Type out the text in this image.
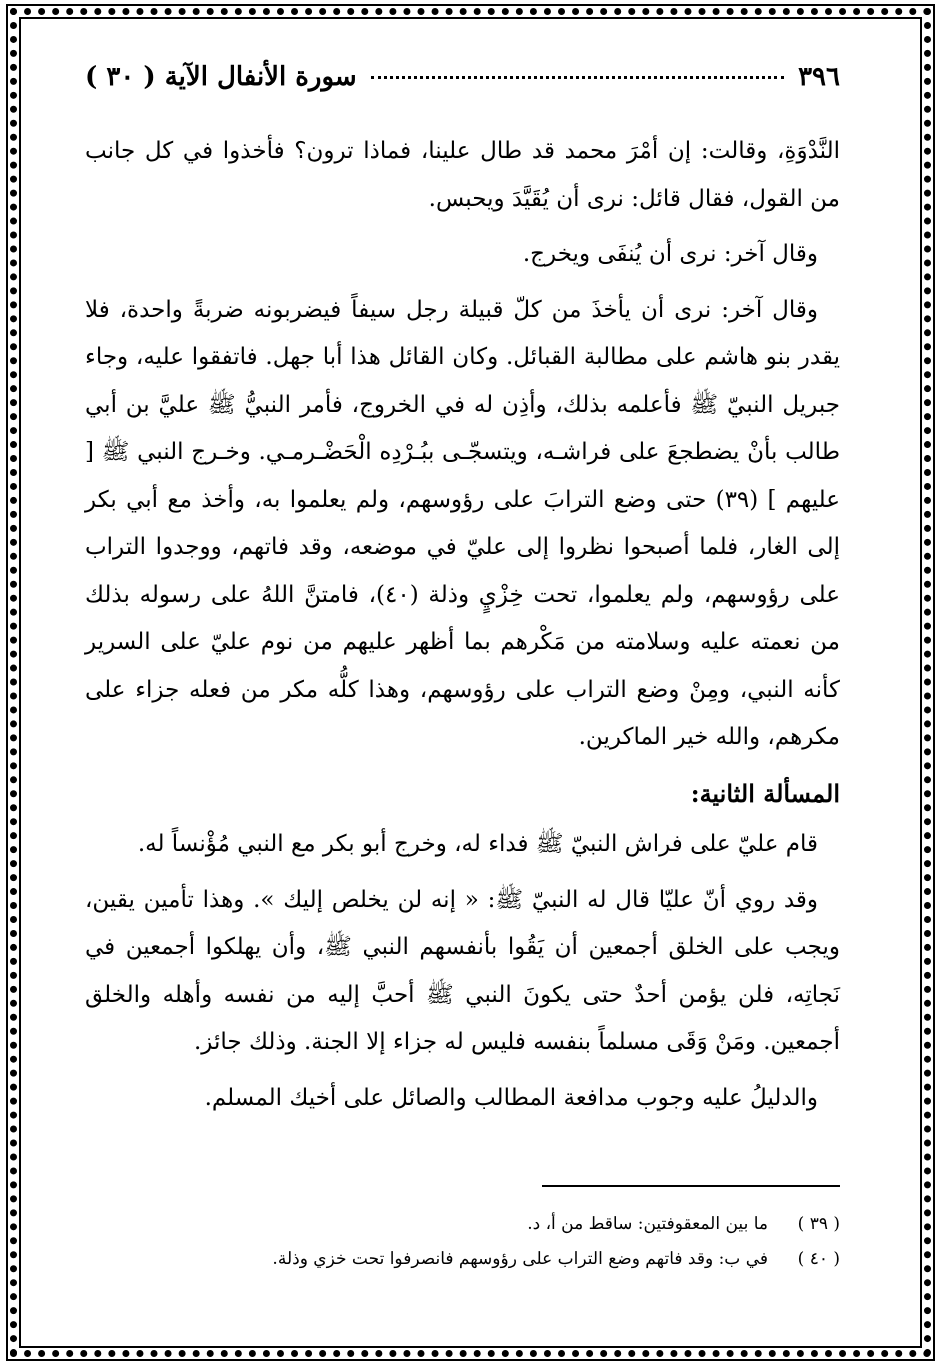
٣٩٦
سورة الأنفال الآية ( ٣٠ )

النَّدْوَةِ، وقالت: إن أمْرَ محمد قد طال علينا، فماذا ترون؟ فأخذوا في كل جانب من القول، فقال قائل: نرى أن يُقَيَّدَ ويحبس.

وقال آخر: نرى أن يُنفَى ويخرج.

وقال آخر: نرى أن يأخذَ من كلّ قبيلة رجل سيفاً فيضربونه ضربةً واحدة، فلا يقدر بنو هاشم على مطالبة القبائل. وكان القائل هذا أبا جهل. فاتفقوا عليه، وجاء جبريل النبيّ ﷺ فأعلمه بذلك، وأذِن له في الخروج، فأمر النبيُّ ﷺ عليَّ بن أبي طالب بأنْ يضطجعَ على فراشـه، ويتسجّـى ببُـرْدِه الْحَضْـرمـي. وخـرج النبي ﷺ [ عليهم ] (٣٩) حتى وضع الترابَ على رؤوسهم، ولم يعلموا به، وأخذ مع أبي بكر إلى الغار، فلما أصبحوا نظروا إلى عليّ في موضعه، وقد فاتهم، ووجدوا التراب على رؤوسهم، ولم يعلموا، تحت خِزْيٍ وذلة (٤٠)، فامتنَّ اللهُ على رسوله بذلك من نعمته عليه وسلامته من مَكْرهم بما أظهر عليهم من نوم عليّ على السرير كأنه النبي، ومِنْ وضع التراب على رؤوسهم، وهذا كلُّه مكر من فعله جزاء على مكرهم، والله خير الماكرين.

المسألة الثانية:

قام عليّ على فراش النبيّ ﷺ فداء له، وخرج أبو بكر مع النبي مُؤْنساً له.

وقد روي أنّ عليّا قال له النبيّ ﷺ: « إنه لن يخلص إليك ». وهذا تأمين يقين، ويجب على الخلق أجمعين أن يَقُوا بأنفسهم النبي ﷺ، وأن يهلكوا أجمعين في نَجاتِه، فلن يؤمن أحدٌ حتى يكونَ النبي ﷺ أحبَّ إليه من نفسه وأهله والخلق أجمعين. ومَنْ وَقَى مسلماً بنفسه فليس له جزاء إلا الجنة. وذلك جائز.

والدليلُ عليه وجوب مدافعة المطالب والصائل على أخيك المسلم.

( ٣٩ )
ما بين المعقوفتين: ساقط من أ، د.
( ٤٠ )
في ب: وقد فاتهم وضع التراب على رؤوسهم فانصرفوا تحت خزي وذلة.
